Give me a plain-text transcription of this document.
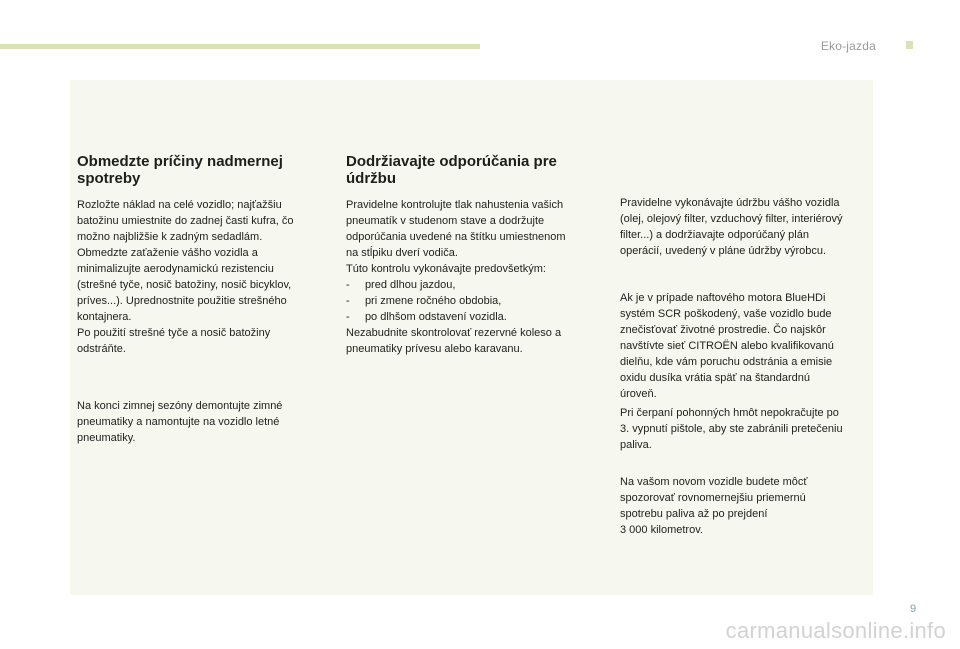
Eko-jazda
Obmedzte príčiny nadmernej
spotreby
Rozložte náklad na celé vozidlo; najťažšiu
batožinu umiestnite do zadnej časti kufra, čo
možno najbližšie k zadným sedadlám.
Obmedzte zaťaženie vášho vozidla a
minimalizujte aerodynamickú rezistenciu
(strešné tyče, nosič batožiny, nosič bicyklov,
príves...). Uprednostnite použitie strešného
kontajnera.
Po použití strešné tyče a nosič batožiny
odstráňte.
Na konci zimnej sezóny demontujte zimné
pneumatiky a namontujte na vozidlo letné
pneumatiky.
Dodržiavajte odporúčania pre
údržbu
Pravidelne kontrolujte tlak nahustenia vašich
pneumatík v studenom stave a dodržujte
odporúčania uvedené na štítku umiestnenom
na stĺpiku dverí vodiča.
Túto kontrolu vykonávajte predovšetkým:
-     pred dlhou jazdou,
-     pri zmene ročného obdobia,
-     po dlhšom odstavení vozidla.
Nezabudnite skontrolovať rezervné koleso a
pneumatiky prívesu alebo karavanu.
Pravidelne vykonávajte údržbu vášho vozidla
(olej, olejový filter, vzduchový filter, interiérový
filter...) a dodržiavajte odporúčaný plán
operácií, uvedený v pláne údržby výrobcu.
Ak je v prípade naftového motora BlueHDi
systém SCR poškodený, vaše vozidlo bude
znečisťovať životné prostredie. Čo najskôr
navštívte sieť CITROËN alebo kvalifikovanú
dielňu, kde vám poruchu odstránia a emisie
oxidu dusíka vrátia späť na štandardnú
úroveň.
Pri čerpaní pohonných hmôt nepokračujte po
3. vypnutí pištole, aby ste zabránili pretečeniu
paliva.
Na vašom novom vozidle budete môcť
spozorovať rovnomernejšiu priemernú
spotrebu paliva až po prejdení
3 000 kilometrov.
9
carmanualsonline.info
